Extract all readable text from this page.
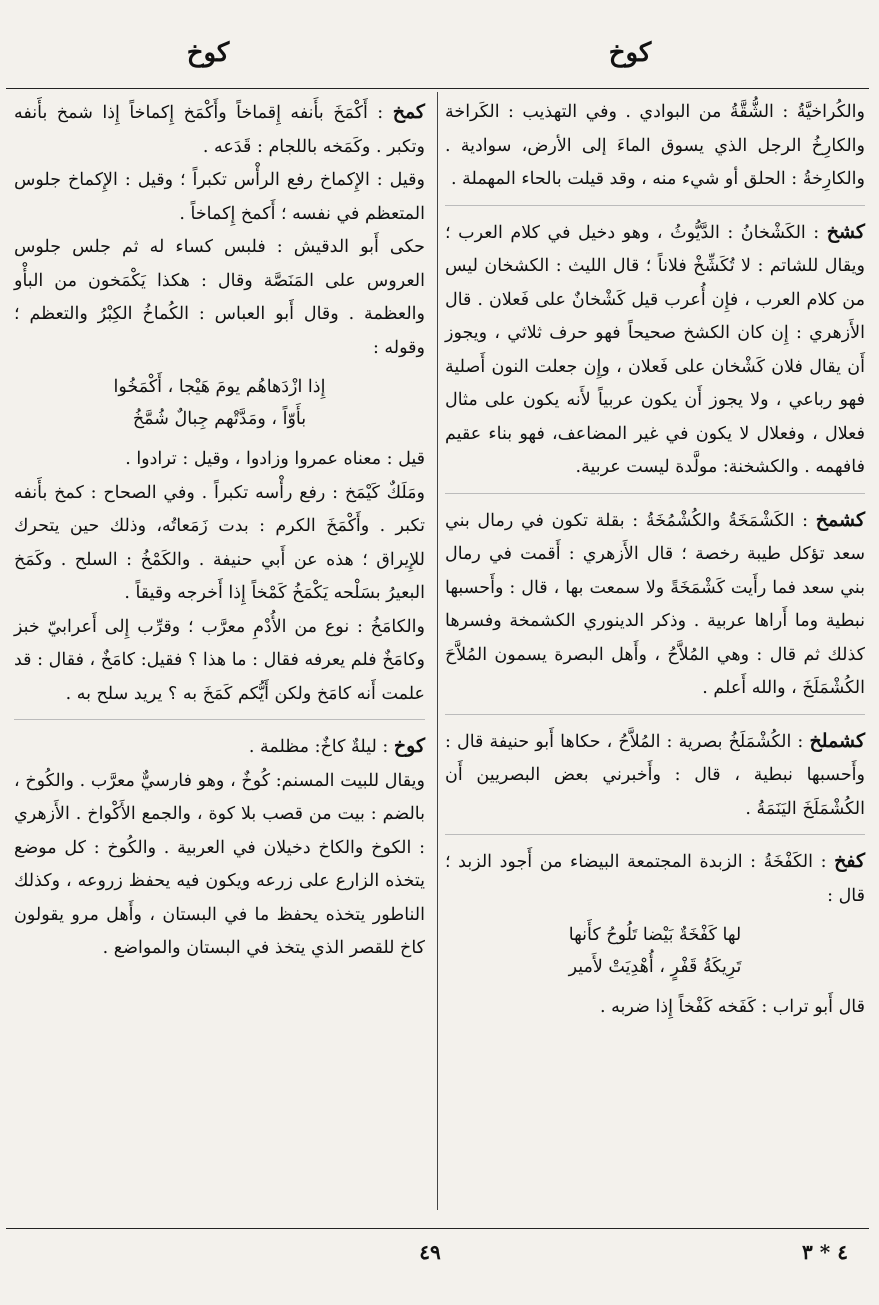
كوخ
كوخ

والكُراخيَّةُ : الشُّقَّةُ من البوادي . وفي التهذيب : الكَراخة والكارِخُ الرجل الذي يسوق الماءَ إلى الأرض، سوادية . والكارِخةُ : الحلق أو شيء منه ، وقد قيلت بالحاء المهملة .

كشخ : الكَشْخانُ : الدَّيُّوثُ ، وهو دخيل في كلام العرب ؛ ويقال للشاتم : لا تُكَشِّخْ فلاناً ؛ قال الليث : الكشخان ليس من كلام العرب ، فإِن أُعرب قيل كَشْخانٌ على فَعلان . قال الأَزهري : إِن كان الكشخ صحيحاً فهو حرف ثلاثي ، ويجوز أَن يقال فلان كَشْخان على فَعلان ، وإِن جعلت النون أَصلية فهو رباعي ، ولا يجوز أَن يكون عربياً لأَنه يكون على مثال فعلال ، وفعلال لا يكون في غير المضاعف، فهو بناء عقيم فافهمه . والكشخنة: مولَّدة ليست عربية.

كشمخ : الكَشْمَخَةُ والكُشْمُخَةُ : بقلة تكون في رمال بني سعد تؤكل طيبة رخصة ؛ قال الأَزهري : أَقمت في رمال بني سعد فما رأَيت كَشْمَخَةً ولا سمعت بها ، قال : وأَحسبها نبطية وما أَراها عربية . وذكر الدينوري الكشمخة وفسرها كذلك ثم قال : وهي المُلاَّحُ ، وأَهل البصرة يسمون المُلاَّحَ الكُشْمَلَخَ ، والله أَعلم .

كشملخ : الكُشْمَلَخُ بصرية : المُلاَّحُ ، حكاها أَبو حنيفة قال : وأَحسبها نبطية ، قال : وأَخبرني بعض البصريين أَن الكُشْمَلَخَ اليَنَمَةُ .

كفخ : الكَفْخَةُ : الزبدة المجتمعة البيضاء من أَجود الزبد ؛ قال :

لها كَفْخَةٌ بَيْضا تَلُوحُ كأَنها
تَرِيكَةُ قَفْرٍ ، أُهْدِيَتْ لأَمير

قال أَبو تراب : كَفَخه كَفْخاً إِذا ضربه .

كمخ : أَكْمَخَ بأَنفه إِقماخاً وأَكْمَخ إِكماخاً إِذا شمخ بأَنفه وتكبر . وكَمَخه باللجام : قَدَعه .

وقيل : الإِكماخ رفع الرأْس تكبراً ؛ وقيل : الإِكماخ جلوس المتعظم في نفسه ؛ أَكمخ إِكماخاً .

حكى أَبو الدقيش : فلبس كساء له ثم جلس جلوس العروس على المَنَصَّة وقال : هكذا يَكْمَخون من البأْو والعظمة . وقال أَبو العباس : الكُماخُ الكِبْرُ والتعظم ؛ وقوله :

إِذا ازْدَهاهُم يومَ هَيْجا ، أَكْمَخُوا
بأَوّاً ، ومَدَّتْهم جِبالٌ شُمَّخُ

قيل : معناه عمروا وزادوا ، وقيل : ترادوا .

ومَلَكٌ كَيْمَخ : رفع رأْسه تكبراً . وفي الصحاح : كمخ بأَنفه تكبر . وأَكْمَخَ الكرم : بدت زَمَعاتُه، وذلك حين يتحرك للإِيراق ؛ هذه عن أَبي حنيفة . والكَمْخُ : السلح . وكَمَخ البعيرُ بسَلْحه يَكْمَخُ كَمْخاً إِذا أَخرجه وقيقاً .

والكامَخُ : نوع من الأُدْمِ معرَّب ؛ وقرِّب إِلى أَعرابيّ خبز وكامَخٌ فلم يعرفه فقال : ما هذا ؟ فقيل: كامَخٌ ، فقال : قد علمت أَنه كامَخ ولكن أَيُّكم كَمَخَ به ؟ يريد سلح به .

كوخ : ليلةٌ كاخٌ: مظلمة .

ويقال للبيت المسنم: كُوخٌ ، وهو فارسيٌّ معرَّب . والكُوخ ، بالضم : بيت من قصب بلا كوة ، والجمع الأَكْواخ . الأَزهري : الكوخ والكاخ دخيلان في العربية . والكُوخ : كل موضع يتخذه الزارع على زرعه ويكون فيه يحفظ زروعه ، وكذلك الناطور يتخذه يحفظ ما في البستان ، وأَهل مرو يقولون كاخ للقصر الذي يتخذ في البستان والمواضع .

٤٩	٤ * ٣
